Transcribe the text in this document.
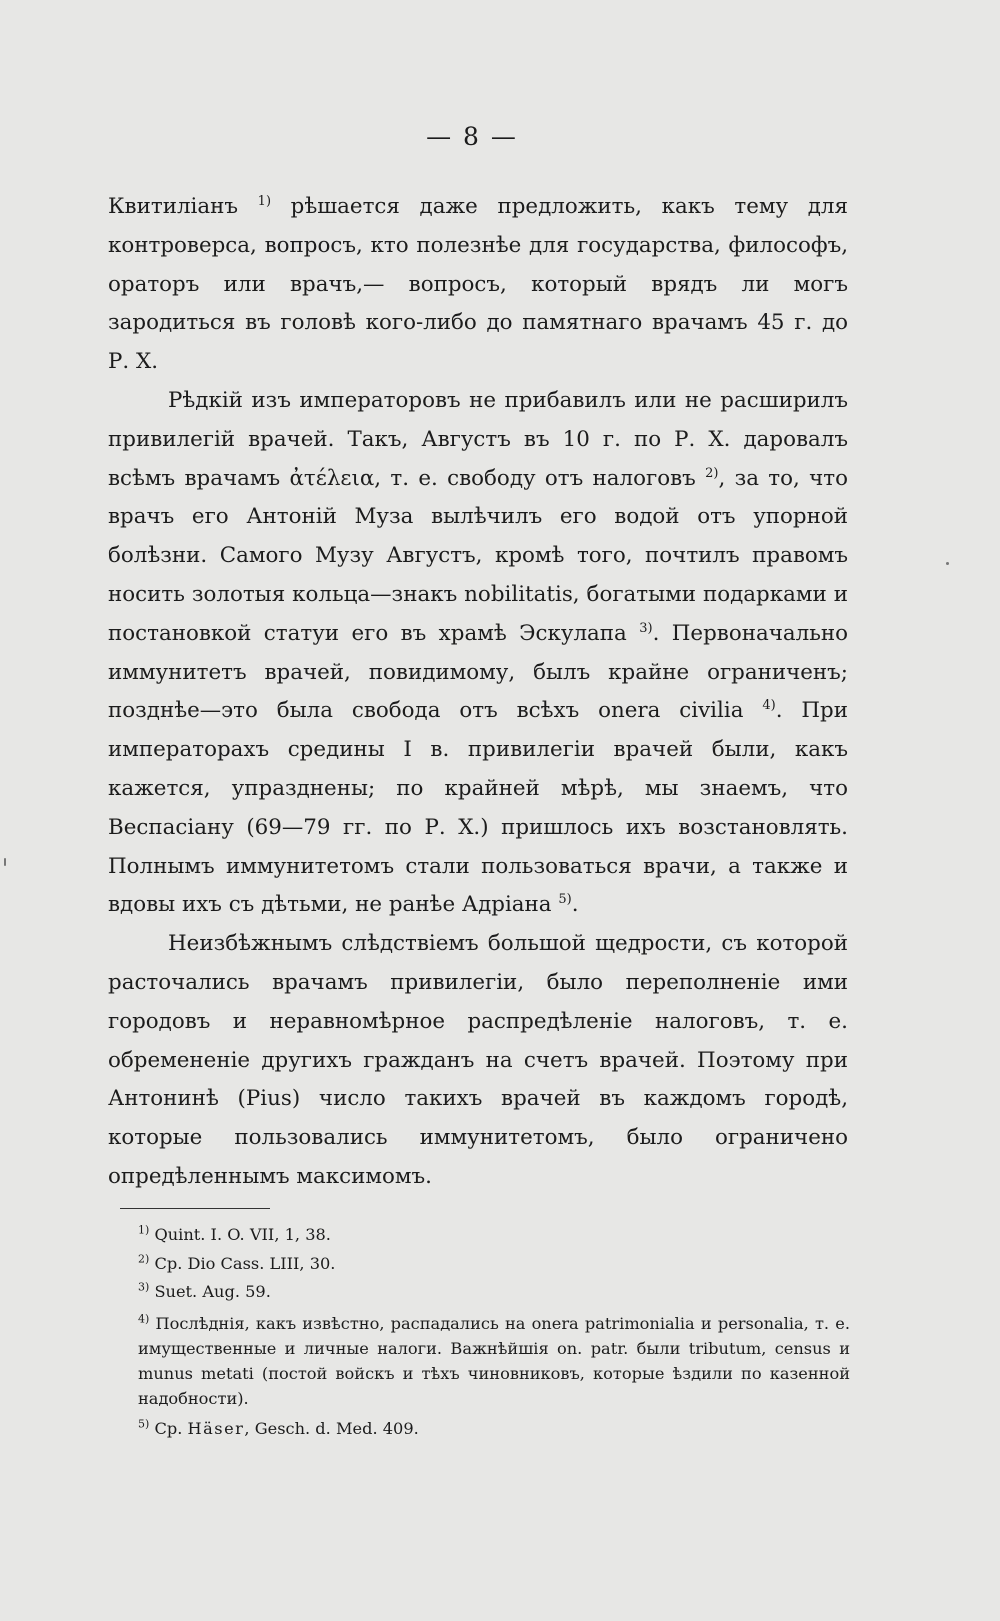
— 8 —

Квитиліанъ $^{1)}$ рѣшается даже предложить, какъ тему для контроверса, вопросъ, кто полезнѣе для государства, философъ, ораторъ или врачъ,— вопросъ, который врядъ ли могъ зародиться въ головѣ кого-либо до памятнаго врачамъ 45 г. до Р. X.

Рѣдкій изъ императоровъ не прибавилъ или не расширилъ привилегій врачей. Такъ, Августъ въ 10 г. по Р. X. даровалъ всѣмъ врачамъ ἀτέλεια, т. е. свободу отъ налоговъ $^{2)}$, за то, что врачъ его Антоній Муза вылѣчилъ его водой отъ упорной болѣзни. Самого Музу Августъ, кромѣ того, почтилъ правомъ носить золотыя кольца—знакъ nobilitatis, богатыми подарками и постановкой статуи его въ храмѣ Эскулапа $^{3)}$. Первоначально иммунитетъ врачей, повидимому, былъ крайне ограниченъ; позднѣе—это была свобода отъ всѣхъ onera civilia $^{4)}$. При императорахъ средины I в. привилегіи врачей были, какъ кажется, упразднены; по крайней мѣрѣ, мы знаемъ, что Веспасіану (69—79 гг. по Р. X.) пришлось ихъ возстановлять. Полнымъ иммунитетомъ стали пользоваться врачи, а также и вдовы ихъ съ дѣтьми, не ранѣе Адріана $^{5)}$.

Неизбѣжнымъ слѣдствіемъ большой щедрости, съ которой расточались врачамъ привилегіи, было переполненіе ими городовъ и неравномѣрное распредѣленіе налоговъ, т. е. обремененіе другихъ гражданъ на счетъ врачей. Поэтому при Антонинѣ (Pius) число такихъ врачей въ каждомъ городѣ, которые пользовались иммунитетомъ, было ограничено опредѣленнымъ максимомъ.

$^{1)}$ Quint. I. O. VII, 1, 38.

$^{2)}$ Cp. Dio Cass. LIII, 30.

$^{3)}$ Suet. Aug. 59.

$^{4)}$ Послѣднія, какъ извѣстно, распадались на onera patrimonialia и personalia, т. е. имущественные и личные налоги. Важнѣйшія on. patr. были tributum, census и munus metati (постой войскъ и тѣхъ чиновниковъ, которые ѣздили по казенной надобности).

$^{5)}$ Cp. Häser, Gesch. d. Med. 409.
